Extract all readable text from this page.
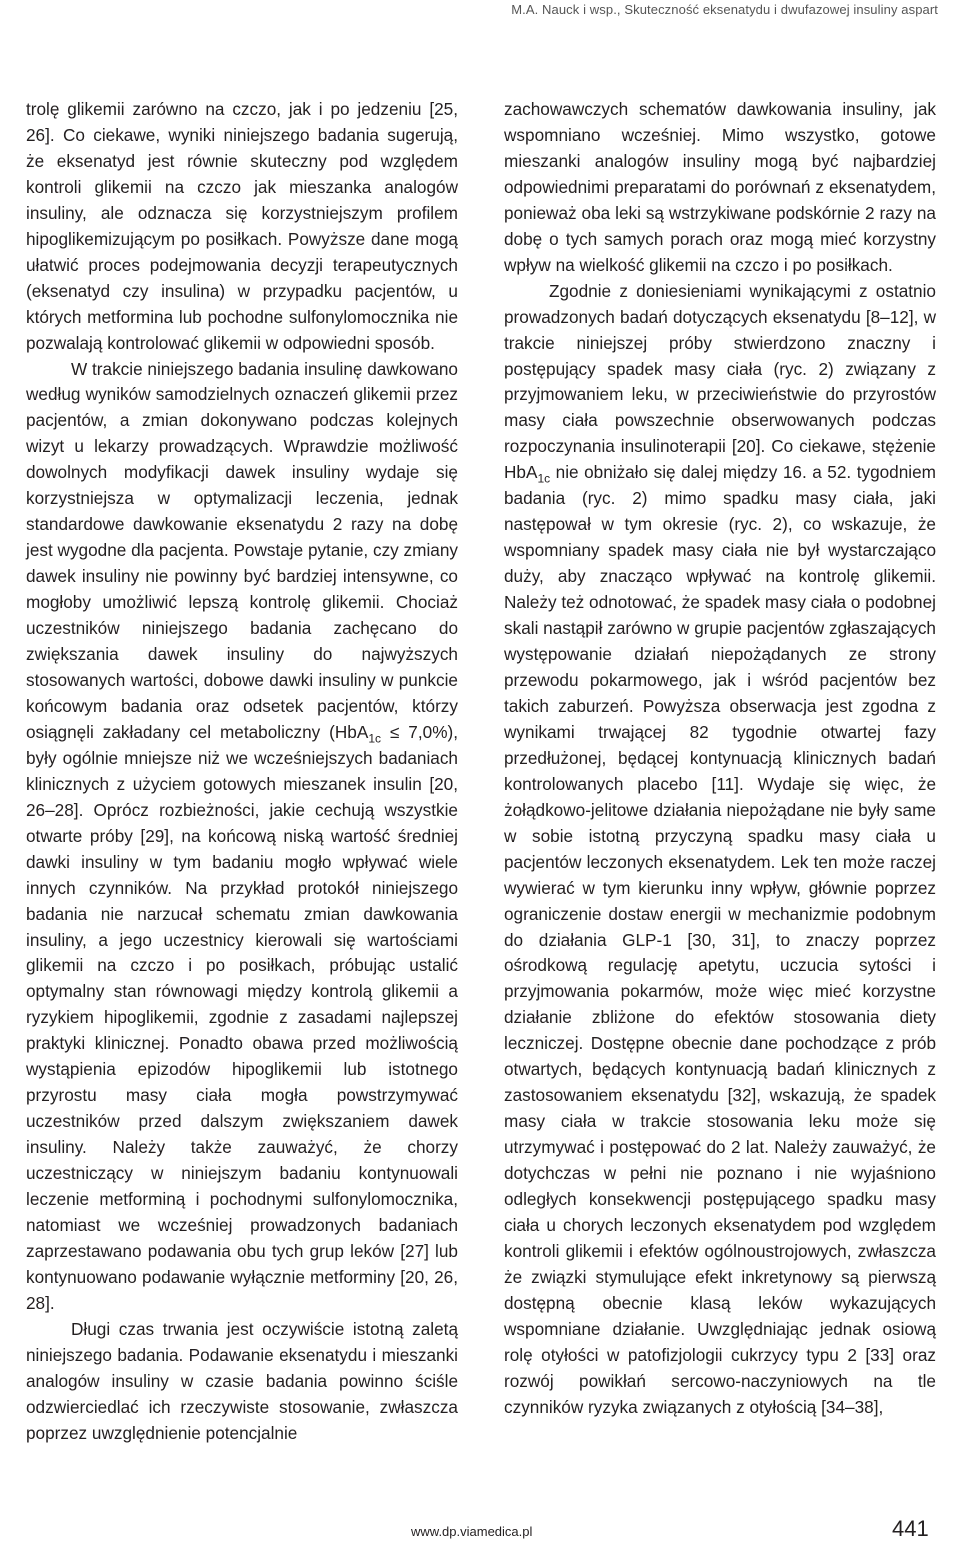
M.A. Nauck i wsp., Skuteczność eksenatydu i dwufazowej insuliny aspart

trolę glikemii zarówno na czczo, jak i po jedzeniu [25, 26]. Co ciekawe, wyniki niniejszego badania sugerują, że eksenatyd jest równie skuteczny pod względem kontroli glikemii na czczo jak mieszanka analogów insuliny, ale odznacza się korzystniejszym profilem hipoglikemizującym po posiłkach. Powyższe dane mogą ułatwić proces podejmowania decyzji terapeutycznych (eksenatyd czy insulina) w przypadku pacjentów, u których metformina lub pochodne sulfonylomocznika nie pozwalają kontrolować glikemii w odpowiedni sposób.

W trakcie niniejszego badania insulinę dawkowano według wyników samodzielnych oznaczeń glikemii przez pacjentów, a zmian dokonywano podczas kolejnych wizyt u lekarzy prowadzących. Wprawdzie możliwość dowolnych modyfikacji dawek insuliny wydaje się korzystniejsza w optymalizacji leczenia, jednak standardowe dawkowanie eksenatydu 2 razy na dobę jest wygodne dla pacjenta. Powstaje pytanie, czy zmiany dawek insuliny nie powinny być bardziej intensywne, co mogłoby umożliwić lepszą kontrolę glikemii. Chociaż uczestników niniejszego badania zachęcano do zwiększania dawek insuliny do najwyższych stosowanych wartości, dobowe dawki insuliny w punkcie końcowym badania oraz odsetek pacjentów, którzy osiągnęli zakładany cel metaboliczny (HbA$_{1c}$ ≤ 7,0%), były ogólnie mniejsze niż we wcześniejszych badaniach klinicznych z użyciem gotowych mieszanek insulin [20, 26–28]. Oprócz rozbieżności, jakie cechują wszystkie otwarte próby [29], na końcową niską wartość średniej dawki insuliny w tym badaniu mogło wpływać wiele innych czynników. Na przykład protokół niniejszego badania nie narzucał schematu zmian dawkowania insuliny, a jego uczestnicy kierowali się wartościami glikemii na czczo i po posiłkach, próbując ustalić optymalny stan równowagi między kontrolą glikemii a ryzykiem hipoglikemii, zgodnie z zasadami najlepszej praktyki klinicznej. Ponadto obawa przed możliwością wystąpienia epizodów hipoglikemii lub istotnego przyrostu masy ciała mogła powstrzymywać uczestników przed dalszym zwiększaniem dawek insuliny. Należy także zauważyć, że chorzy uczestniczący w niniejszym badaniu kontynuowali leczenie metforminą i pochodnymi sulfonylomocznika, natomiast we wcześniej prowadzonych badaniach zaprzestawano podawania obu tych grup leków [27] lub kontynuowano podawanie wyłącznie metforminy [20, 26, 28].

Długi czas trwania jest oczywiście istotną zaletą niniejszego badania. Podawanie eksenatydu i mieszanki analogów insuliny w czasie badania powinno ściśle odzwierciedlać ich rzeczywiste stosowanie, zwłaszcza poprzez uwzględnienie potencjalnie

zachowawczych schematów dawkowania insuliny, jak wspomniano wcześniej. Mimo wszystko, gotowe mieszanki analogów insuliny mogą być najbardziej odpowiednimi preparatami do porównań z eksenatydem, ponieważ oba leki są wstrzykiwane podskórnie 2 razy na dobę o tych samych porach oraz mogą mieć korzystny wpływ na wielkość glikemii na czczo i po posiłkach.

Zgodnie z doniesieniami wynikającymi z ostatnio prowadzonych badań dotyczących eksenatydu [8–12], w trakcie niniejszej próby stwierdzono znaczny i postępujący spadek masy ciała (ryc. 2) związany z przyjmowaniem leku, w przeciwieństwie do przyrostów masy ciała powszechnie obserwowanych podczas rozpoczynania insulinoterapii [20]. Co ciekawe, stężenie HbA$_{1c}$ nie obniżało się dalej między 16. a 52. tygodniem badania (ryc. 2) mimo spadku masy ciała, jaki następował w tym okresie (ryc. 2), co wskazuje, że wspomniany spadek masy ciała nie był wystarczająco duży, aby znacząco wpływać na kontrolę glikemii. Należy też odnotować, że spadek masy ciała o podobnej skali nastąpił zarówno w grupie pacjentów zgłaszających występowanie działań niepożądanych ze strony przewodu pokarmowego, jak i wśród pacjentów bez takich zaburzeń. Powyższa obserwacja jest zgodna z wynikami trwającej 82 tygodnie otwartej fazy przedłużonej, będącej kontynuacją klinicznych badań kontrolowanych placebo [11]. Wydaje się więc, że żołądkowo-jelitowe działania niepożądane nie były same w sobie istotną przyczyną spadku masy ciała u pacjentów leczonych eksenatydem. Lek ten może raczej wywierać w tym kierunku inny wpływ, głównie poprzez ograniczenie dostaw energii w mechanizmie podobnym do działania GLP-1 [30, 31], to znaczy poprzez ośrodkową regulację apetytu, uczucia sytości i przyjmowania pokarmów, może więc mieć korzystne działanie zbliżone do efektów stosowania diety leczniczej. Dostępne obecnie dane pochodzące z prób otwartych, będących kontynuacją badań klinicznych z zastosowaniem eksenatydu [32], wskazują, że spadek masy ciała w trakcie stosowania leku może się utrzymywać i postępować do 2 lat. Należy zauważyć, że dotychczas w pełni nie poznano i nie wyjaśniono odległych konsekwencji postępującego spadku masy ciała u chorych leczonych eksenatydem pod względem kontroli glikemii i efektów ogólnoustrojowych, zwłaszcza że związki stymulujące efekt inkretynowy są pierwszą dostępną obecnie klasą leków wykazujących wspomniane działanie. Uwzględniając jednak osiową rolę otyłości w patofizjologii cukrzycy typu 2 [33] oraz rozwój powikłań sercowo-naczyniowych na tle czynników ryzyka związanych z otyłością [34–38],

www.dp.viamedica.pl	441
